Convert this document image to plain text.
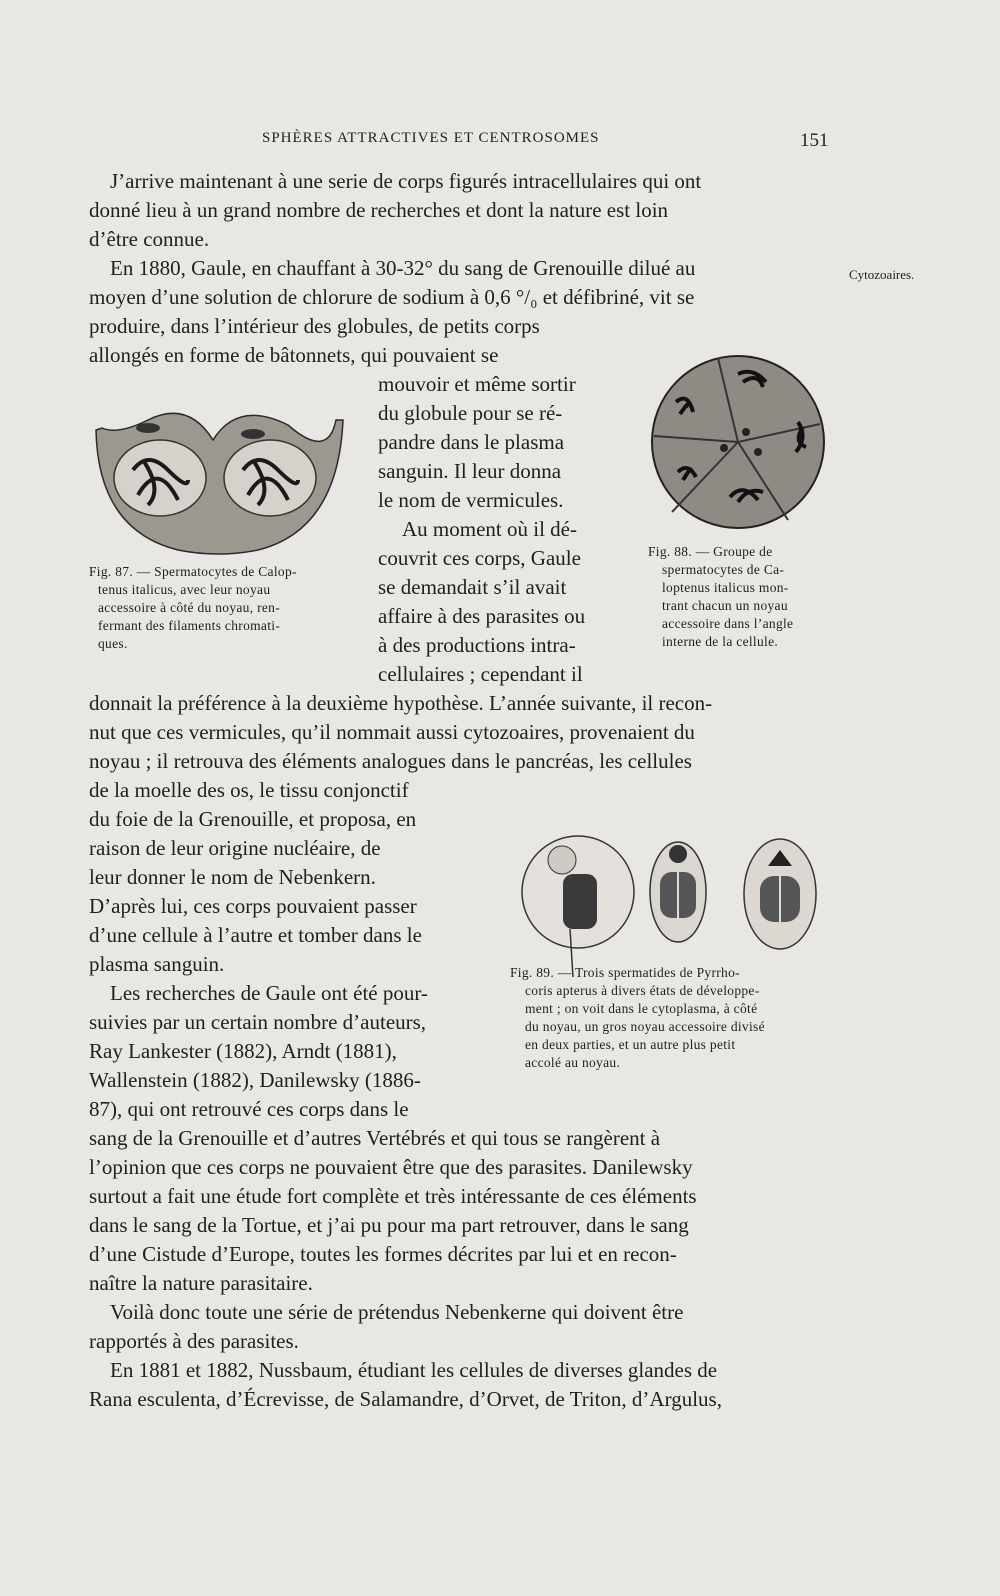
SPHÈRES ATTRACTIVES ET CENTROSOMES	151
Cytozoaires.
J’arrive maintenant à une serie de corps figurés intracellulaires qui ont
donné lieu à un grand nombre de recherches et dont la nature est loin
d’être connue.
En 1880, Gaule, en chauffant à 30-32° du sang de Grenouille dilué au
moyen d’une solution de chlorure de sodium à 0,6 °/₀ et défibriné, vit se
produire, dans l’intérieur des globules, de petits corps
allongés en forme de bâtonnets, qui pouvaient se
mouvoir et même sortir
du globule pour se ré-
pandre dans le plasma
sanguin. Il leur donna
le nom de vermicules.
Au moment où il dé-
couvrit ces corps, Gaule
se demandait s’il avait
affaire à des parasites ou
à des productions intra-
cellulaires ; cependant il
donnait la préférence à la deuxième hypothèse. L’année suivante, il recon-
nut que ces vermicules, qu’il nommait aussi cytozoaires, provenaient du
noyau ; il retrouva des éléments analogues dans le pancréas, les cellules
de la moelle des os, le tissu conjonctif
du foie de la Grenouille, et proposa, en
raison de leur origine nucléaire, de
leur donner le nom de Nebenkern.
D’après lui, ces corps pouvaient passer
d’une cellule à l’autre et tomber dans le
plasma sanguin.
Les recherches de Gaule ont été pour-
suivies par un certain nombre d’auteurs,
Ray Lankester (1882), Arndt (1881),
Wallenstein (1882), Danilewsky (1886-
87), qui ont retrouvé ces corps dans le
sang de la Grenouille et d’autres Vertébrés et qui tous se rangèrent à
l’opinion que ces corps ne pouvaient être que des parasites. Danilewsky
surtout a fait une étude fort complète et très intéressante de ces éléments
dans le sang de la Tortue, et j’ai pu pour ma part retrouver, dans le sang
d’une Cistude d’Europe, toutes les formes décrites par lui et en recon-
naître la nature parasitaire.
Voilà donc toute une série de prétendus Nebenkerne qui doivent être
rapportés à des parasites.
En 1881 et 1882, Nussbaum, étudiant les cellules de diverses glandes de
Rana esculenta, d’Écrevisse, de Salamandre, d’Orvet, de Triton, d’Argulus,
Fig. 87. — Spermatocytes de Calop-
tenus italicus, avec leur noyau
accessoire à côté du noyau, ren-
fermant des filaments chromati-
ques.
Fig. 88. — Groupe de
spermatocytes de Ca-
loptenus italicus mon-
trant chacun un noyau
accessoire dans l’angle
interne de la cellule.
Fig. 89. — Trois spermatides de Pyrrho-
coris apterus à divers états de développe-
ment ; on voit dans le cytoplasma, à côté
du noyau, un gros noyau accessoire divisé
en deux parties, et un autre plus petit
accolé au noyau.
